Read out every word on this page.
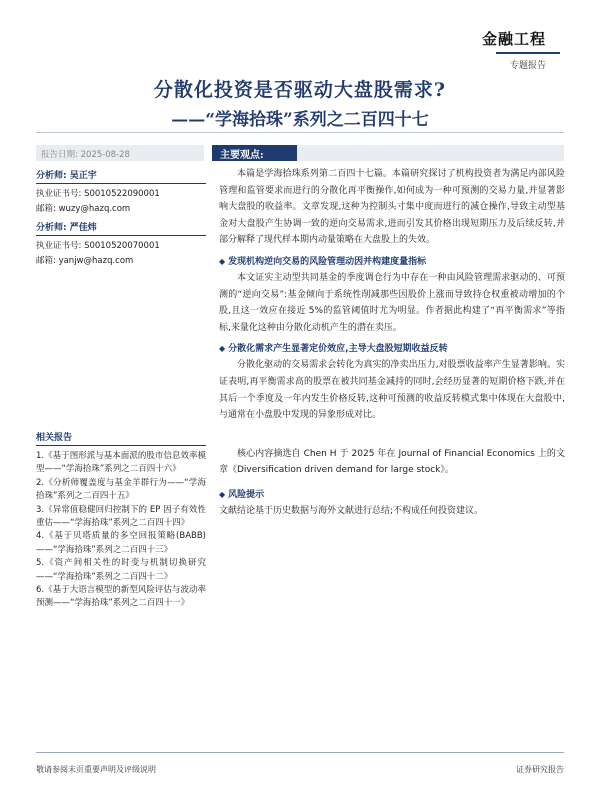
金融工程
专题报告
分散化投资是否驱动大盘股需求?
——“学海拾珠”系列之二百四十七
报告日期: 2025-08-28
分析师: 吴正宇
执业证书号: S0010522090001
邮箱: wuzy@hazq.com
分析师: 严佳炜
执业证书号: S0010520070001
邮箱: yanjw@hazq.com
相关报告
1.《基于图形派与基本面派的股市信息效率模型——“学海拾珠”系列之二百四十六》
2.《分析师覆盖度与基金羊群行为——“学海拾珠”系列之二百四十五》
3.《异常值稳健回归控制下的 EP 因子有效性重估——“学海拾珠”系列之二百四十四》
4.《基于贝塔质量的多空回报策略(BABB)——“学海拾珠”系列之二百四十三》
5.《资产间相关性的时变与机制切换研究——“学海拾珠”系列之二百四十二》
6.《基于大语言模型的新型风险评估与波动率预测——“学海拾珠”系列之二百四十一》
主要观点:
本篇是学海拾珠系列第二百四十七篇。本篇研究探讨了机构投资者为满足内部风险管理和监管要求而进行的分散化再平衡操作,如何成为一种可预测的交易力量,并显著影响大盘股的收益率。文章发现,这种为控制头寸集中度而进行的减仓操作,导致主动型基金对大盘股产生协调一致的逆向交易需求,进而引发其价格出现短期压力及后续反转,并部分解释了现代样本期内动量策略在大盘股上的失效。
◆ 发现机构逆向交易的风险管理动因并构建度量指标
本文证实主动型共同基金的季度调仓行为中存在一种由风险管理需求驱动的、可预测的“逆向交易”:基金倾向于系统性削减那些因股价上涨而导致持仓权重被动增加的个股,且这一效应在接近 5%的监管阈值时尤为明显。作者据此构建了“再平衡需求”等指标,来量化这种由分散化动机产生的潜在卖压。
◆ 分散化需求产生显著定价效应,主导大盘股短期收益反转
分散化驱动的交易需求会转化为真实的净卖出压力,对股票收益率产生显著影响。实证表明,再平衡需求高的股票在被共同基金减持的同时,会经历显著的短期价格下跌,并在其后一个季度及一年内发生价格反转,这种可预测的收益反转模式集中体现在大盘股中,与通常在小盘股中发现的异象形成对比。
核心内容摘选自 Chen H 于 2025 年在 Journal of Financial Economics 上的文章《Diversification driven demand for large stock》。
◆ 风险提示
文献结论基于历史数据与海外文献进行总结;不构成任何投资建议。
敬请参阅末页重要声明及评级说明	证券研究报告
